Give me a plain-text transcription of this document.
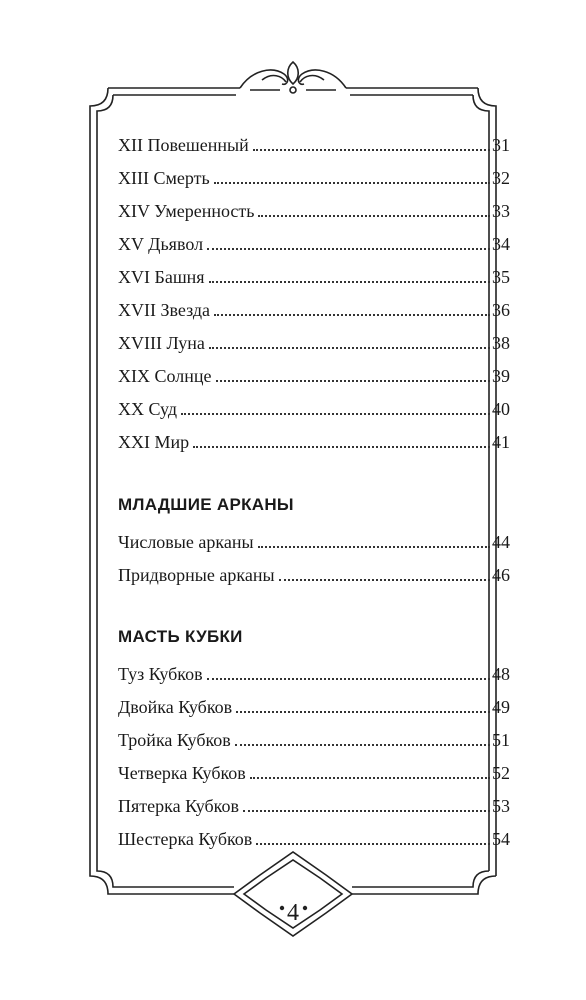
XII Повешенный	31
XIII Смерть	32
XIV Умеренность	33
XV Дьявол	34
XVI Башня	35
XVII Звезда	36
XVIII Луна	38
XIX Солнце	39
XX Суд	40
XXI Мир	41
МЛАДШИЕ АРКАНЫ
Числовые арканы	44
Придворные арканы	46
МАСТЬ КУБКИ
Туз Кубков	48
Двойка Кубков	49
Тройка Кубков	51
Четверка Кубков	52
Пятерка Кубков	53
Шестерка Кубков	54
4
